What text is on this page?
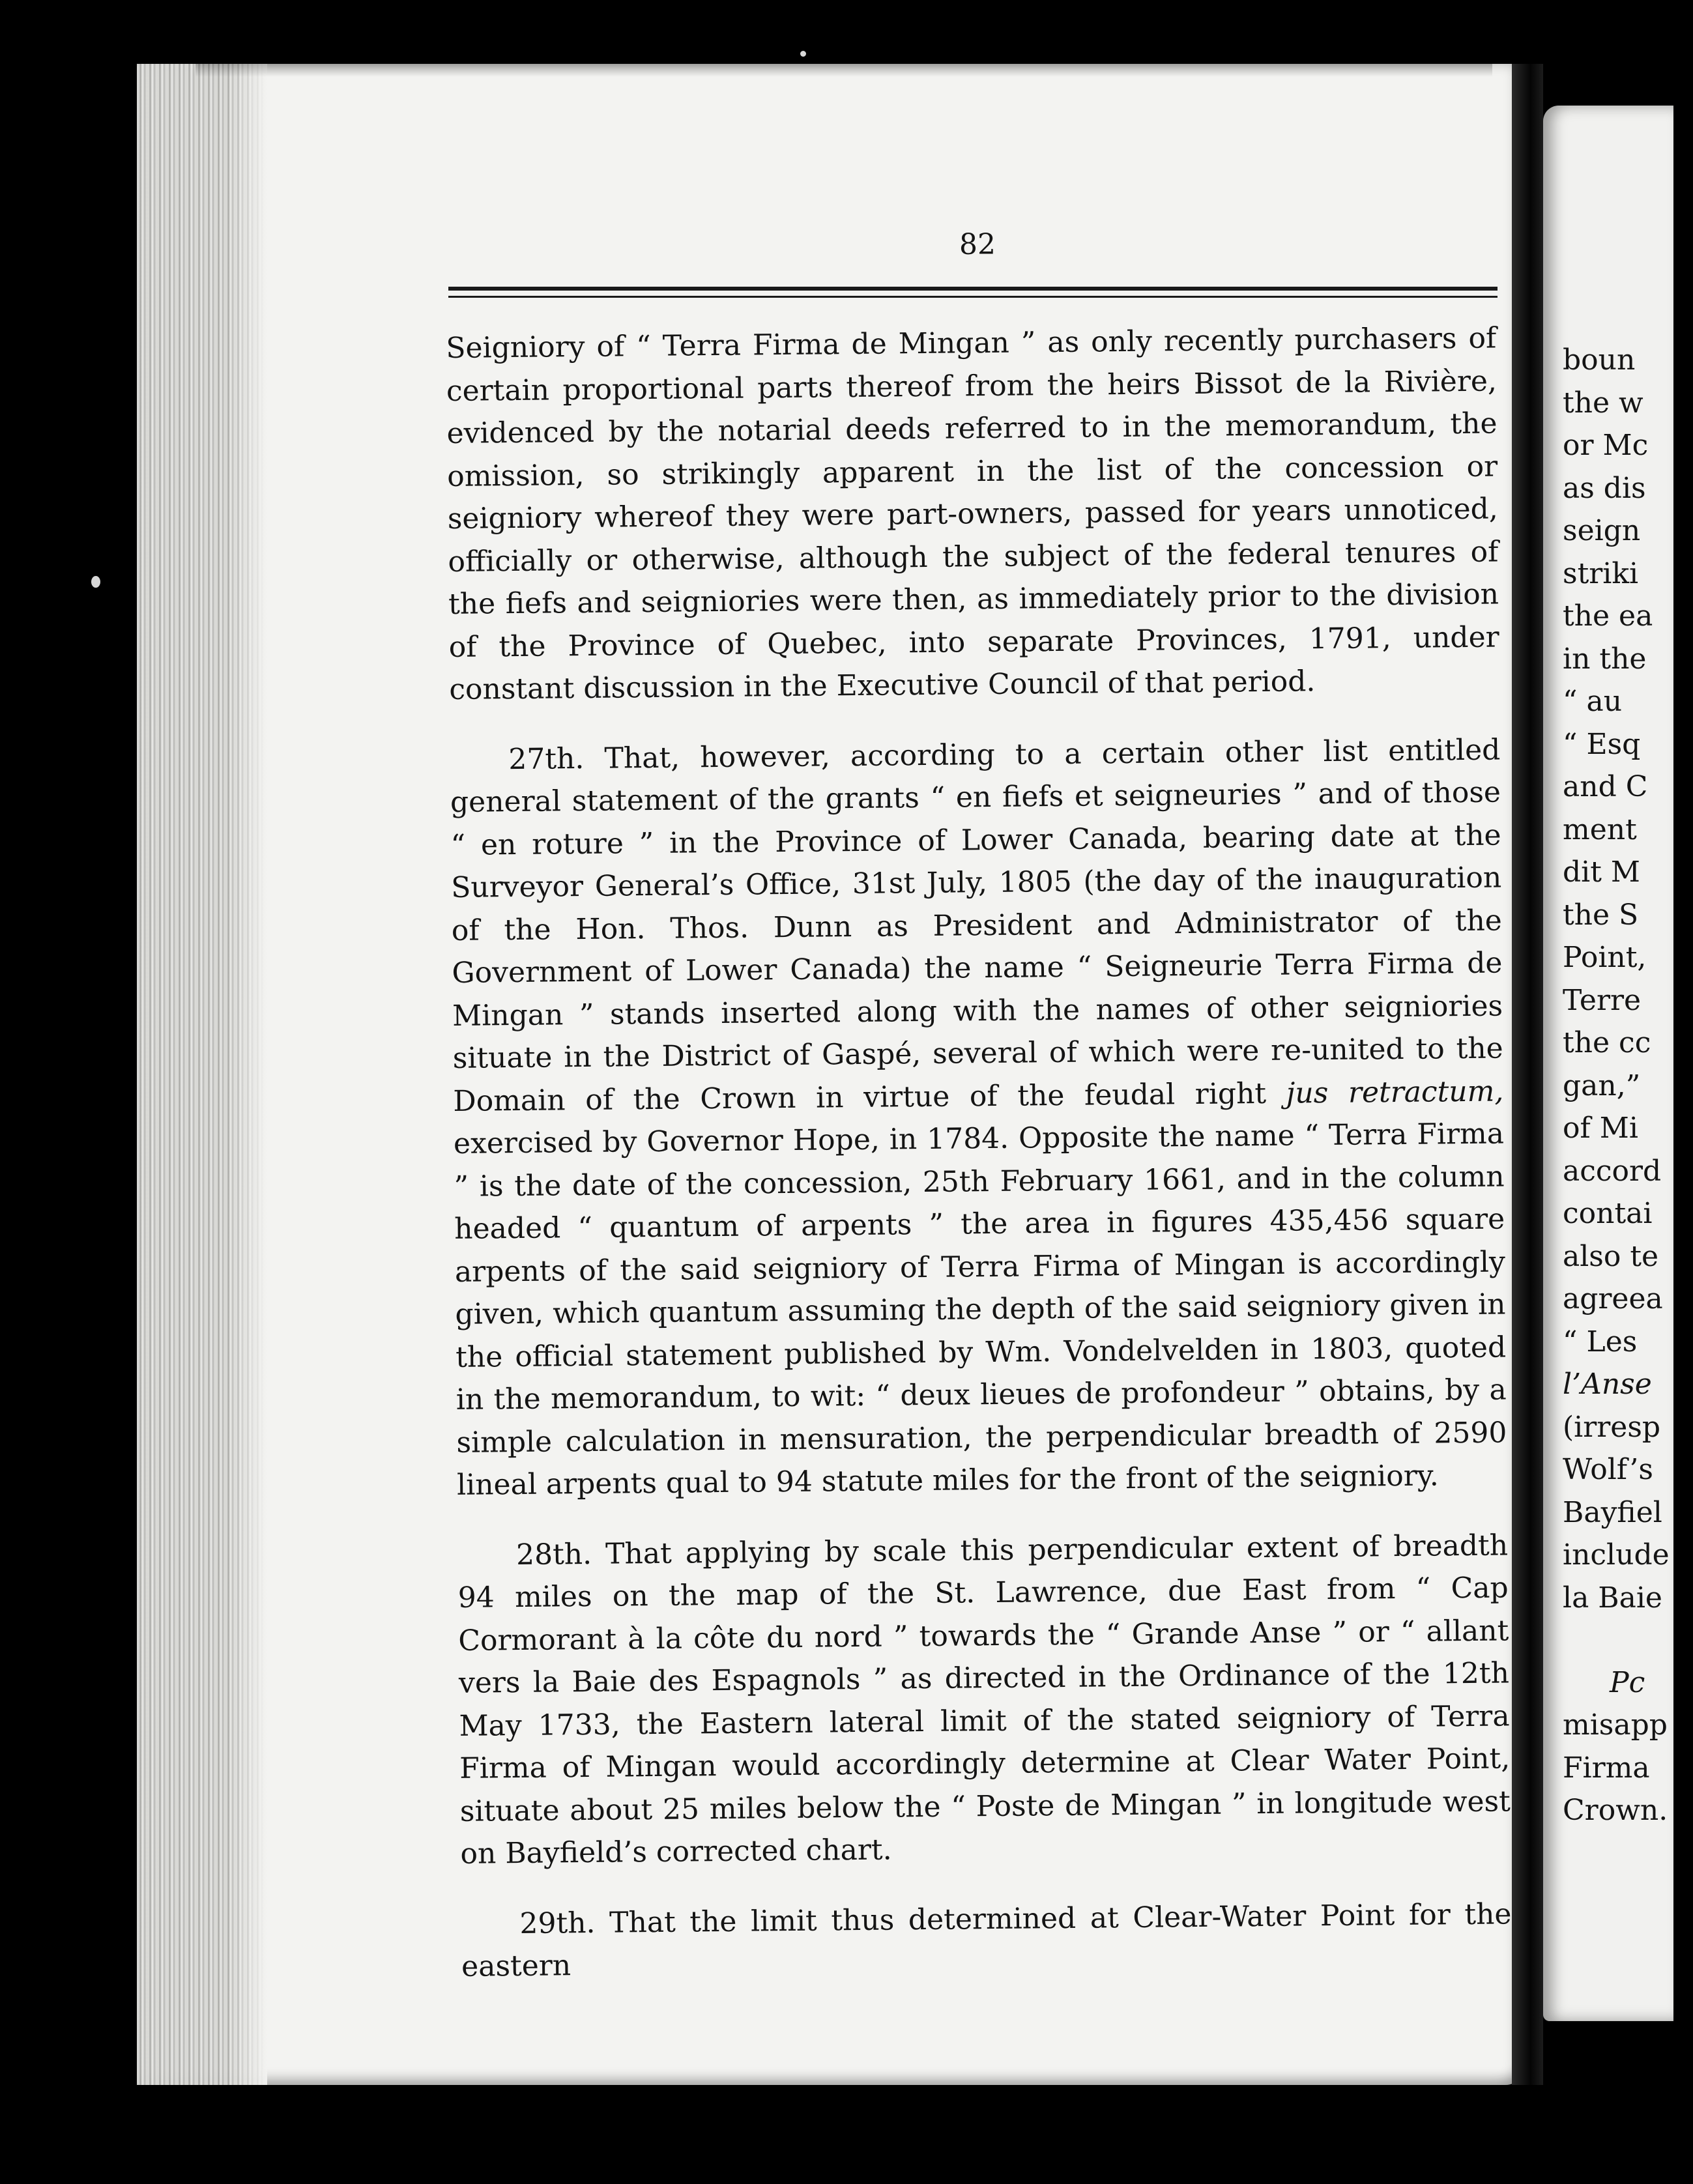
82

Seigniory of “ Terra Firma de Mingan ” as only recently purchasers of certain proportional parts thereof from the heirs Bissot de la Rivière, evidenced by the notarial deeds referred to in the memorandum, the omission, so strikingly apparent in the list of the concession or seigniory whereof they were part-owners, passed for years unnoticed, officially or otherwise, although the subject of the federal tenures of the fiefs and seigniories were then, as immediately prior to the division of the Province of Quebec, into separate Provinces, 1791, under constant discussion in the Executive Council of that period.

27th. That, however, according to a certain other list entitled general statement of the grants “ en fiefs et seigneuries ” and of those “ en roture ” in the Province of Lower Canada, bearing date at the Surveyor General’s Office, 31st July, 1805 (the day of the inauguration of the Hon. Thos. Dunn as President and Administrator of the Government of Lower Canada) the name “ Seigneurie Terra Firma de Mingan ” stands inserted along with the names of other seigniories situate in the District of Gaspé, several of which were re-united to the Domain of the Crown in virtue of the feudal right jus retractum, exercised by Governor Hope, in 1784. Opposite the name “ Terra Firma ” is the date of the concession, 25th February 1661, and in the column headed “ quantum of arpents ” the area in figures 435,456 square arpents of the said seigniory of Terra Firma of Mingan is accordingly given, which quantum assuming the depth of the said seigniory given in the official statement published by Wm. Vondelvelden in 1803, quoted in the memorandum, to wit: “ deux lieues de profondeur ” obtains, by a simple calculation in mensuration, the perpendicular breadth of 2590 lineal arpents qual to 94 statute miles for the front of the seigniory.

28th. That applying by scale this perpendicular extent of breadth 94 miles on the map of the St. Lawrence, due East from “ Cap Cormorant à la côte du nord ” towards the “ Grande Anse ” or “ allant vers la Baie des Espagnols ” as directed in the Ordinance of the 12th May 1733, the Eastern lateral limit of the stated seigniory of Terra Firma of Mingan would accordingly determine at Clear Water Point, situate about 25 miles below the “ Poste de Mingan ” in longitude west on Bayfield’s corrected chart.

29th. That the limit thus determined at Clear-Water Point for the eastern

boun
the w
or Mc
as dis
seign
striki
the ea
in the
“ au
“ Esq
and C
ment
dit M
the S
Point,
Terre
the cc
gan,”
of Mi
accord
contai
also te
agreea
“ Les
l’Anse
(irresp
Wolf’s
Bayfiel
include
la Baie
Pc
misapp
Firma
Crown.
